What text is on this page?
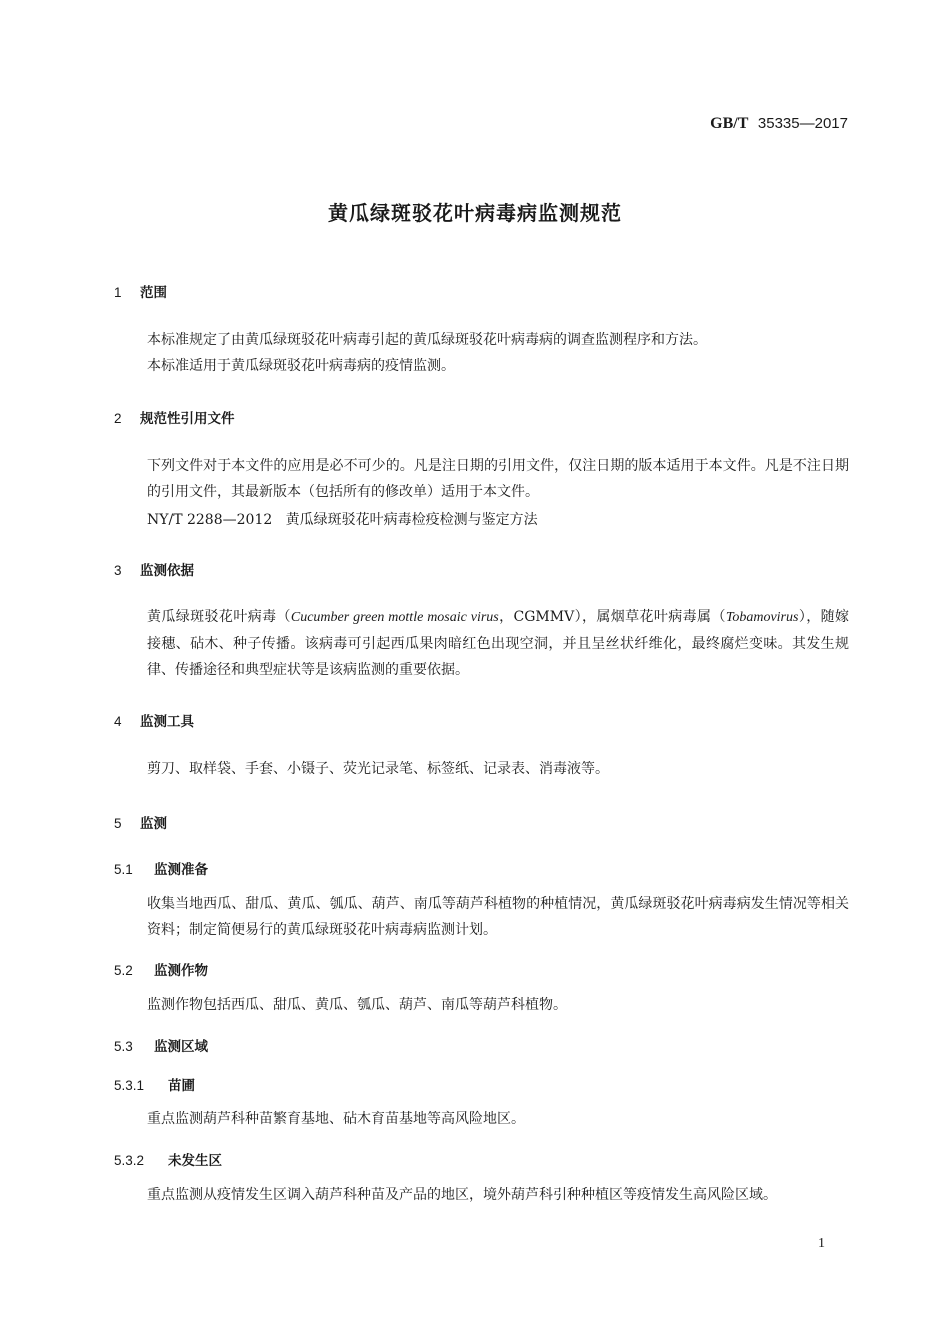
GB/T 35335—2017
黄瓜绿斑驳花叶病毒病监测规范
1 范围
本标准规定了由黄瓜绿斑驳花叶病毒引起的黄瓜绿斑驳花叶病毒病的调查监测程序和方法。
本标准适用于黄瓜绿斑驳花叶病毒病的疫情监测。
2 规范性引用文件
下列文件对于本文件的应用是必不可少的。凡是注日期的引用文件，仅注日期的版本适用于本文件。凡是不注日期的引用文件，其最新版本（包括所有的修改单）适用于本文件。
NY/T 2288—2012 黄瓜绿斑驳花叶病毒检疫检测与鉴定方法
3 监测依据
黄瓜绿斑驳花叶病毒（Cucumber green mottle mosaic virus，CGMMV），属烟草花叶病毒属（Tobamovirus），随嫁接穗、砧木、种子传播。该病毒可引起西瓜果肉暗红色出现空洞，并且呈丝状纤维化，最终腐烂变味。其发生规律、传播途径和典型症状等是该病监测的重要依据。
4 监测工具
剪刀、取样袋、手套、小镊子、荧光记录笔、标签纸、记录表、消毒液等。
5 监测
5.1 监测准备
收集当地西瓜、甜瓜、黄瓜、瓠瓜、葫芦、南瓜等葫芦科植物的种植情况，黄瓜绿斑驳花叶病毒病发生情况等相关资料；制定简便易行的黄瓜绿斑驳花叶病毒病监测计划。
5.2 监测作物
监测作物包括西瓜、甜瓜、黄瓜、瓠瓜、葫芦、南瓜等葫芦科植物。
5.3 监测区域
5.3.1 苗圃
重点监测葫芦科种苗繁育基地、砧木育苗基地等高风险地区。
5.3.2 未发生区
重点监测从疫情发生区调入葫芦科种苗及产品的地区，境外葫芦科引种种植区等疫情发生高风险区域。
1
